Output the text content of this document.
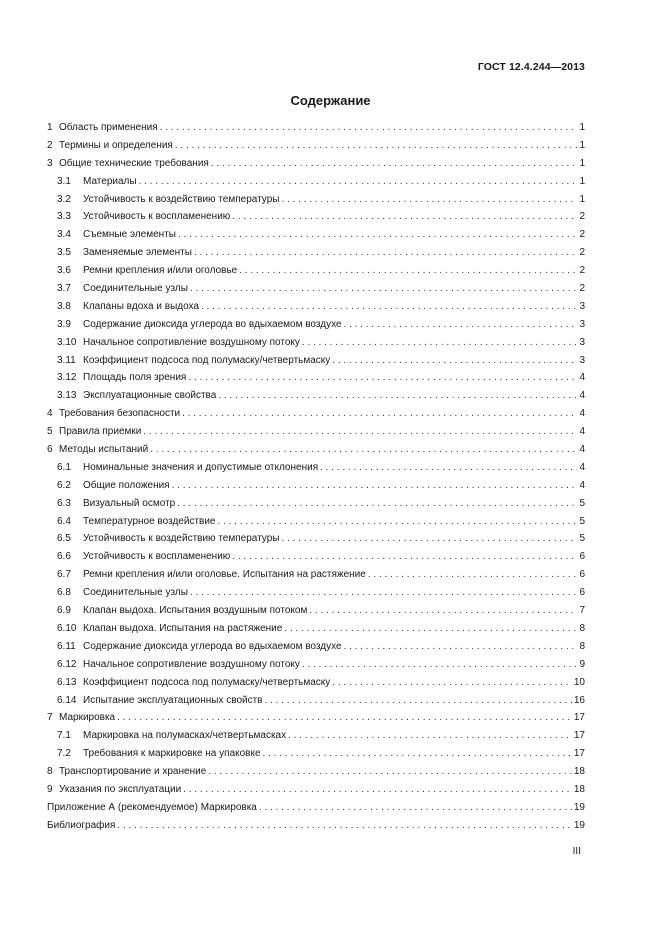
ГОСТ 12.4.244—2013
Содержание
1 Область применения . . .	1
2 Термины и определения . . .	1
3 Общие технические требования . . .	1
3.1 Материалы . . .	1
3.2 Устойчивость к воздействию температуры . . .	1
3.3 Устойчивость к воспламенению . . .	2
3.4 Съемные элементы . . .	2
3.5 Заменяемые элементы . . .	2
3.6 Ремни крепления и/или оголовье . . .	2
3.7 Соединительные узлы . . .	2
3.8 Клапаны вдоха и выдоха . . .	3
3.9 Содержание диоксида углерода во вдыхаемом воздухе . . .	3
3.10 Начальное сопротивление воздушному потоку . . .	3
3.11 Коэффициент подсоса под полумаску/четвертьмаску . . .	3
3.12 Площадь поля зрения . . .	4
3.13 Эксплуатационные свойства . . .	4
4 Требования безопасности . . .	4
5 Правила приемки . . .	4
6 Методы испытаний . . .	4
6.1 Номинальные значения и допустимые отклонения . . .	4
6.2 Общие положения . . .	4
6.3 Визуальный осмотр . . .	5
6.4 Температурное воздействие . . .	5
6.5 Устойчивость к воздействию температуры . . .	5
6.6 Устойчивость к воспламенению . . .	6
6.7 Ремни крепления и/или оголовье. Испытания на растяжение . . .	6
6.8 Соединительные узлы . . .	6
6.9 Клапан выдоха. Испытания воздушным потоком . . .	7
6.10 Клапан выдоха. Испытания на растяжение . . .	8
6.11 Содержание диоксида углерода во вдыхаемом воздухе . . .	8
6.12 Начальное сопротивление воздушному потоку . . .	9
6.13 Коэффициент подсоса под полумаску/четвертьмаску . . .	10
6.14 Испытание эксплуатационных свойств . . .	16
7 Маркировка . . .	17
7.1 Маркировка на полумасках/четвертьмасках . . .	17
7.2 Требования к маркировке на упаковке . . .	17
8 Транспортирование и хранение . . .	18
9 Указания по эксплуатации . . .	18
Приложение А (рекомендуемое) Маркировка . . .	19
Библиография . . .	19
III
